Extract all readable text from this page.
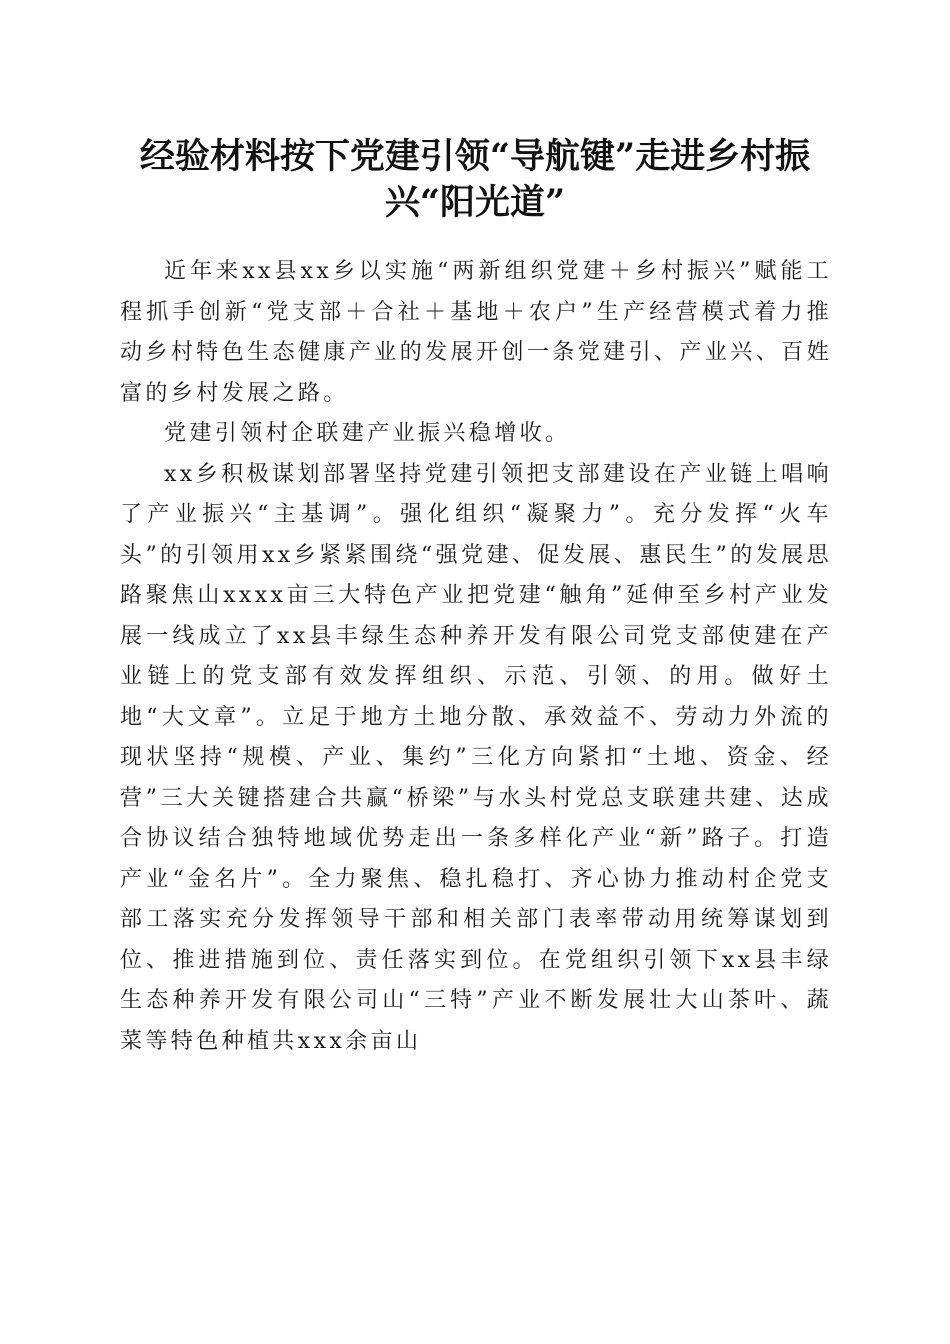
经验材料按下党建引领“导航键”走进乡村振
兴“阳光道”

近年来xx县xx乡以实施“两新组织党建＋乡村振兴”赋能工程抓手创新“党支部＋合社＋基地＋农户”生产经营模式着力推动乡村特色生态健康产业的发展开创一条党建引、产业兴、百姓富的乡村发展之路。

党建引领村企联建产业振兴稳增收。

xx乡积极谋划部署坚持党建引领把支部建设在产业链上唱响了产业振兴“主基调”。强化组织“凝聚力”。充分发挥“火车头”的引领用xx乡紧紧围绕“强党建、促发展、惠民生”的发展思路聚焦山xxxx亩三大特色产业把党建“触角”延伸至乡村产业发展一线成立了xx县丰绿生态种养开发有限公司党支部使建在产业链上的党支部有效发挥组织、示范、引领、的用。做好土地“大文章”。立足于地方土地分散、承效益不、劳动力外流的现状坚持“规模、产业、集约”三化方向紧扣“土地、资金、经营”三大关键搭建合共赢“桥梁”与水头村党总支联建共建、达成合协议结合独特地域优势走出一条多样化产业“新”路子。打造产业“金名片”。全力聚焦、稳扎稳打、齐心协力推动村企党支部工落实充分发挥领导干部和相关部门表率带动用统筹谋划到位、推进措施到位、责任落实到位。在党组织引领下xx县丰绿生态种养开发有限公司山“三特”产业不断发展壮大山茶叶、蔬菜等特色种植共xxx余亩山
